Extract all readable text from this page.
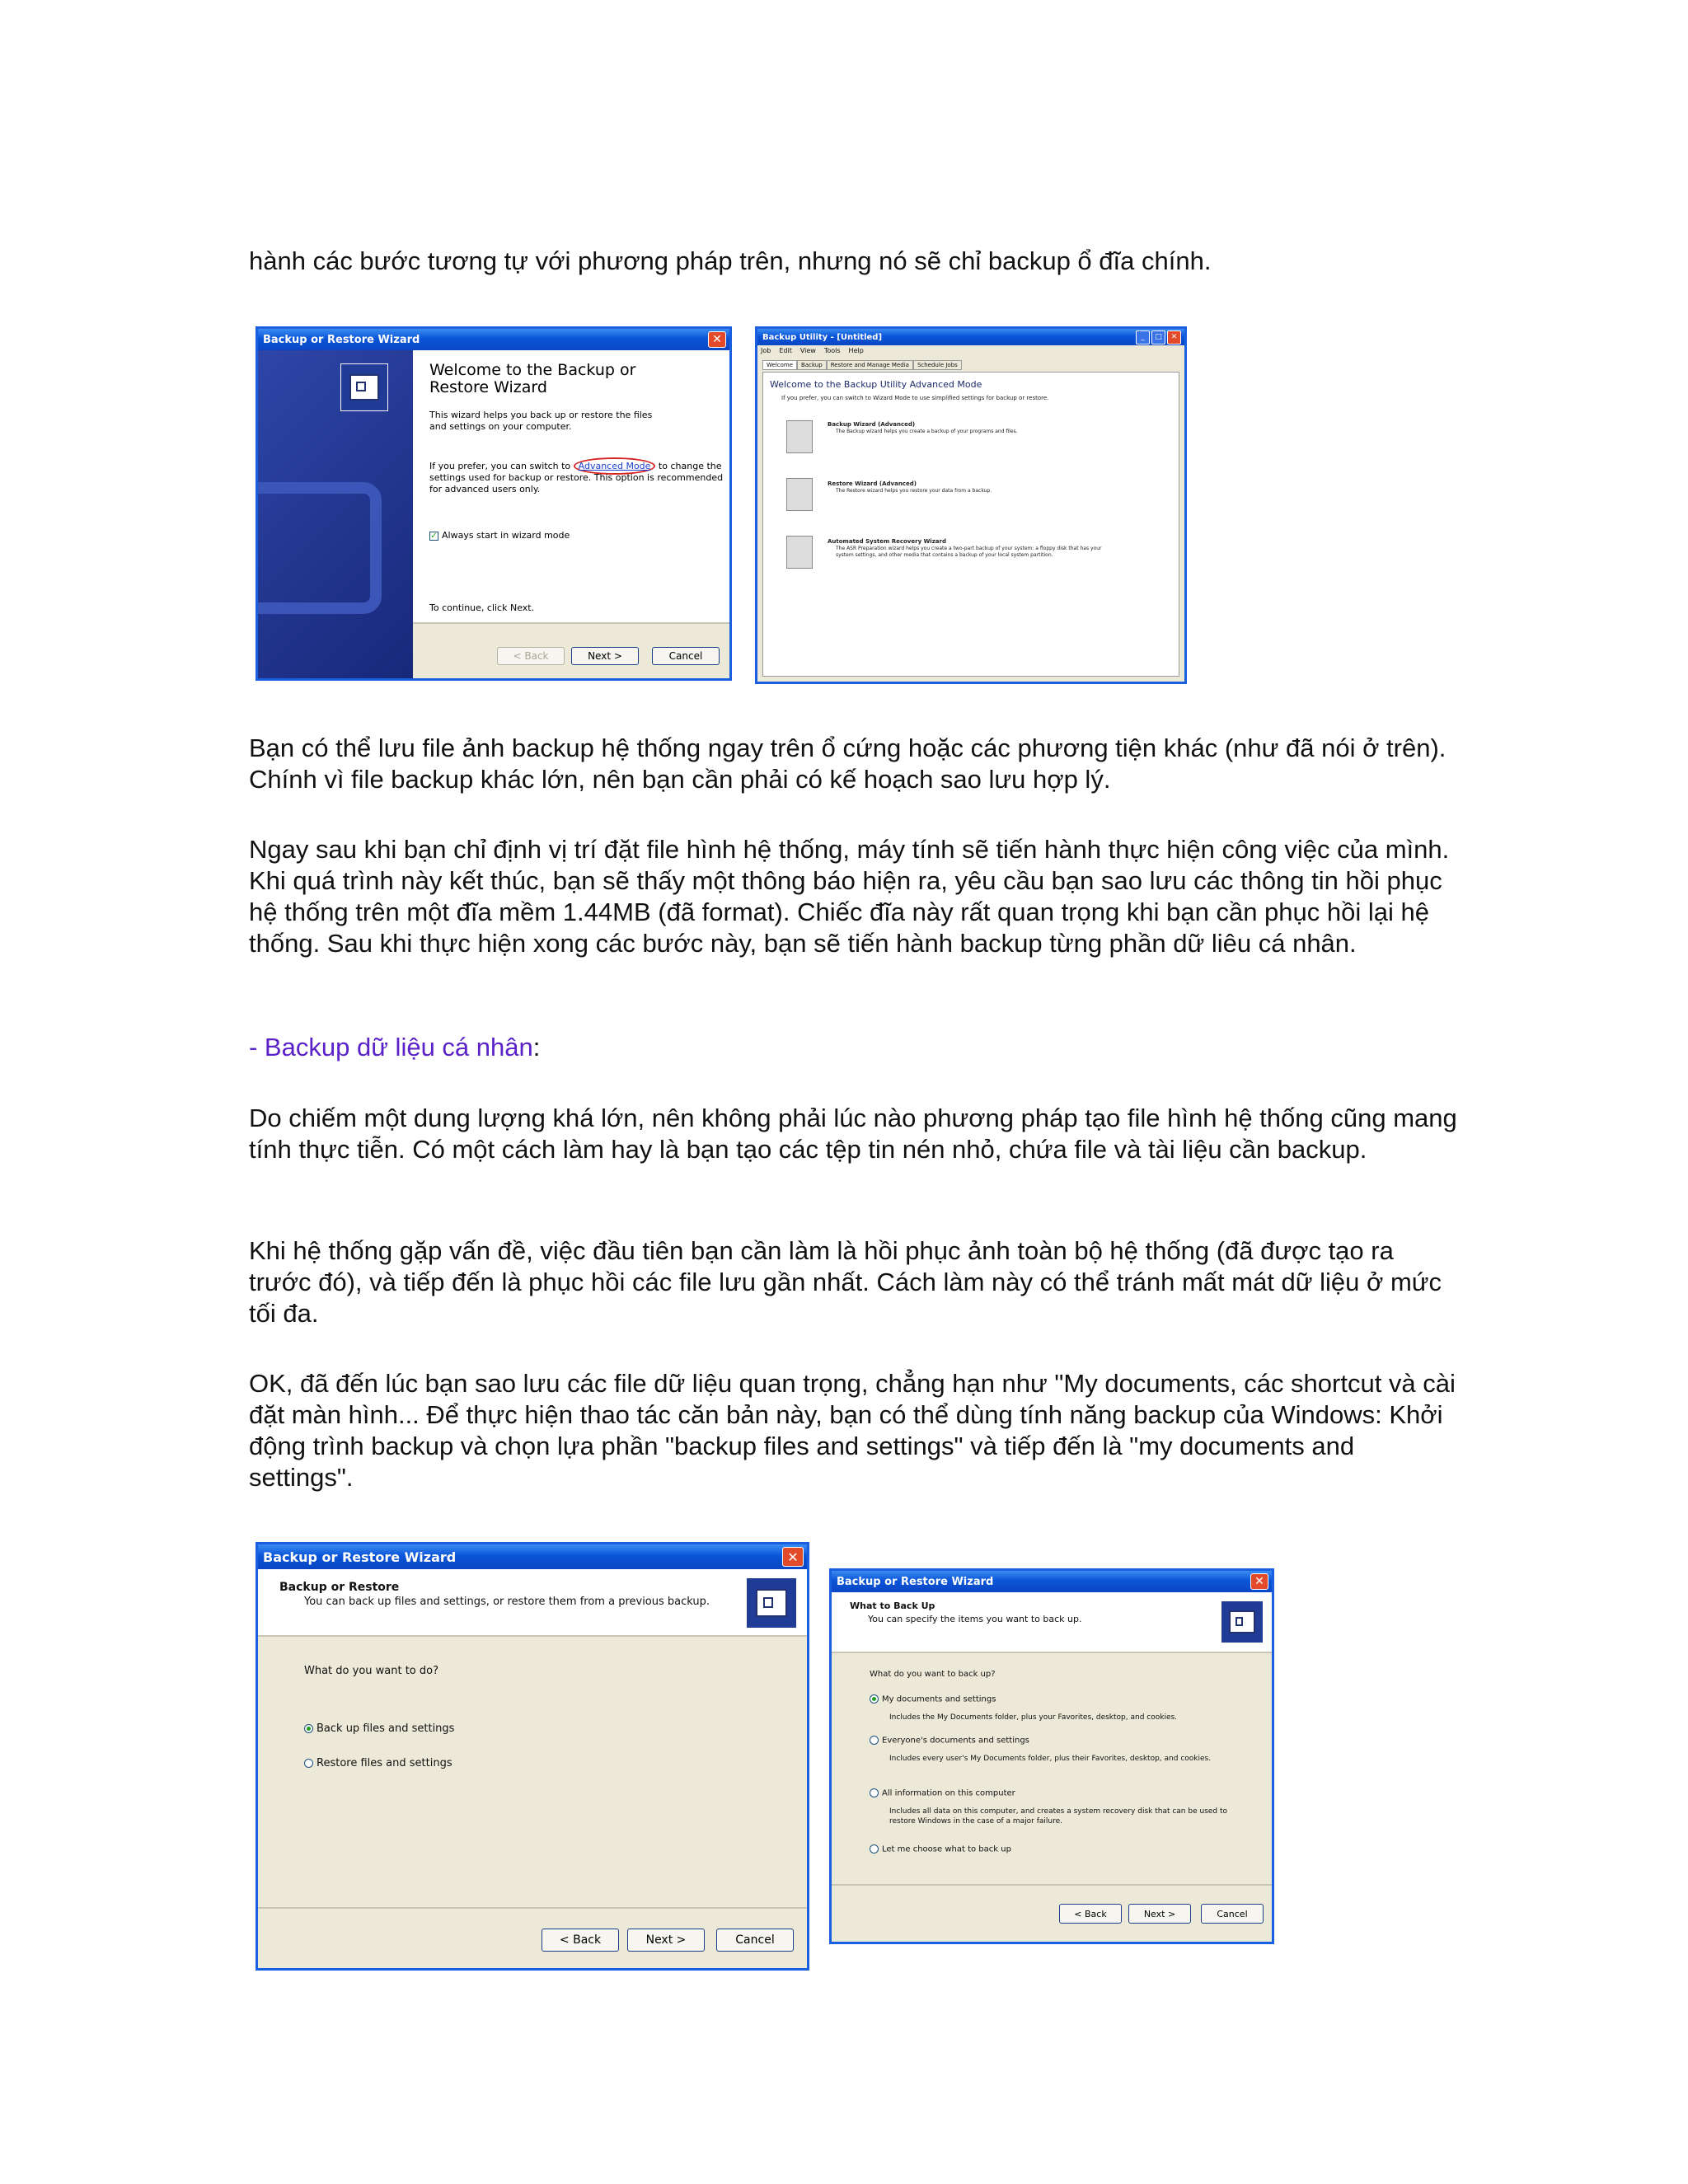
hành các bước tương tự với phương pháp trên, nhưng nó sẽ chỉ backup ổ đĩa chính.

Backup or Restore Wizard	✕
Welcome to the Backup or Restore Wizard
This wizard helps you back up or restore the files and settings on your computer.
If you prefer, you can switch to Advanced Mode to change the settings used for backup or restore. This option is recommended for advanced users only.
✓ Always start in wizard mode
To continue, click Next.
< Back	Next >	Cancel
Backup Utility - [Untitled]	_	□	✕
Job Edit View Tools Help
Welcome	Backup	Restore and Manage Media	Schedule Jobs
Welcome to the Backup Utility Advanced Mode
If you prefer, you can switch to Wizard Mode to use simplified settings for backup or restore.
Backup Wizard (Advanced)
The Backup wizard helps you create a backup of your programs and files.
Restore Wizard (Advanced)
The Restore wizard helps you restore your data from a backup.
Automated System Recovery Wizard
The ASR Preparation wizard helps you create a two-part backup of your system: a floppy disk that has your system settings, and other media that contains a backup of your local system partition.

Bạn có thể lưu file ảnh backup hệ thống ngay trên ổ cứng hoặc các phương tiện khác (như đã nói ở trên). Chính vì file backup khác lớn, nên bạn cần phải có kế hoạch sao lưu hợp lý.

Ngay sau khi bạn chỉ định vị trí đặt file hình hệ thống, máy tính sẽ tiến hành thực hiện công việc của mình. Khi quá trình này kết thúc, bạn sẽ thấy một thông báo hiện ra, yêu cầu bạn sao lưu các thông tin hồi phục hệ thống trên một đĩa mềm 1.44MB (đã format). Chiếc đĩa này rất quan trọng khi bạn cần phục hồi lại hệ thống. Sau khi thực hiện xong các bước này, bạn sẽ tiến hành backup từng phần dữ liêu cá nhân.

- Backup dữ liệu cá nhân:

Do chiếm một dung lượng khá lớn, nên không phải lúc nào phương pháp tạo file hình hệ thống cũng mang tính thực tiễn. Có một cách làm hay là bạn tạo các tệp tin nén nhỏ, chứa file và tài liệu cần backup.

Khi hệ thống gặp vấn đề, việc đầu tiên bạn cần làm là hồi phục ảnh toàn bộ hệ thống (đã được tạo ra trước đó), và tiếp đến là phục hồi các file lưu gần nhất. Cách làm này có thể tránh mất mát dữ liệu ở mức tối đa.

OK, đã đến lúc bạn sao lưu các file dữ liệu quan trọng, chẳng hạn như "My documents, các shortcut và cài đặt màn hình... Để thực hiện thao tác căn bản này, bạn có thể dùng tính năng backup của Windows: Khởi động trình backup và chọn lựa phần "backup files and settings" và tiếp đến là "my documents and settings".

Backup or Restore Wizard	✕
Backup or Restore
You can back up files and settings, or restore them from a previous backup.
What do you want to do?
Back up files and settings
Restore files and settings
< Back	Next >	Cancel
Backup or Restore Wizard	✕
What to Back Up
You can specify the items you want to back up.
What do you want to back up?
My documents and settings
Includes the My Documents folder, plus your Favorites, desktop, and cookies.
Everyone's documents and settings
Includes every user's My Documents folder, plus their Favorites, desktop, and cookies.
All information on this computer
Includes all data on this computer, and creates a system recovery disk that can be used to restore Windows in the case of a major failure.
Let me choose what to back up
< Back	Next >	Cancel
